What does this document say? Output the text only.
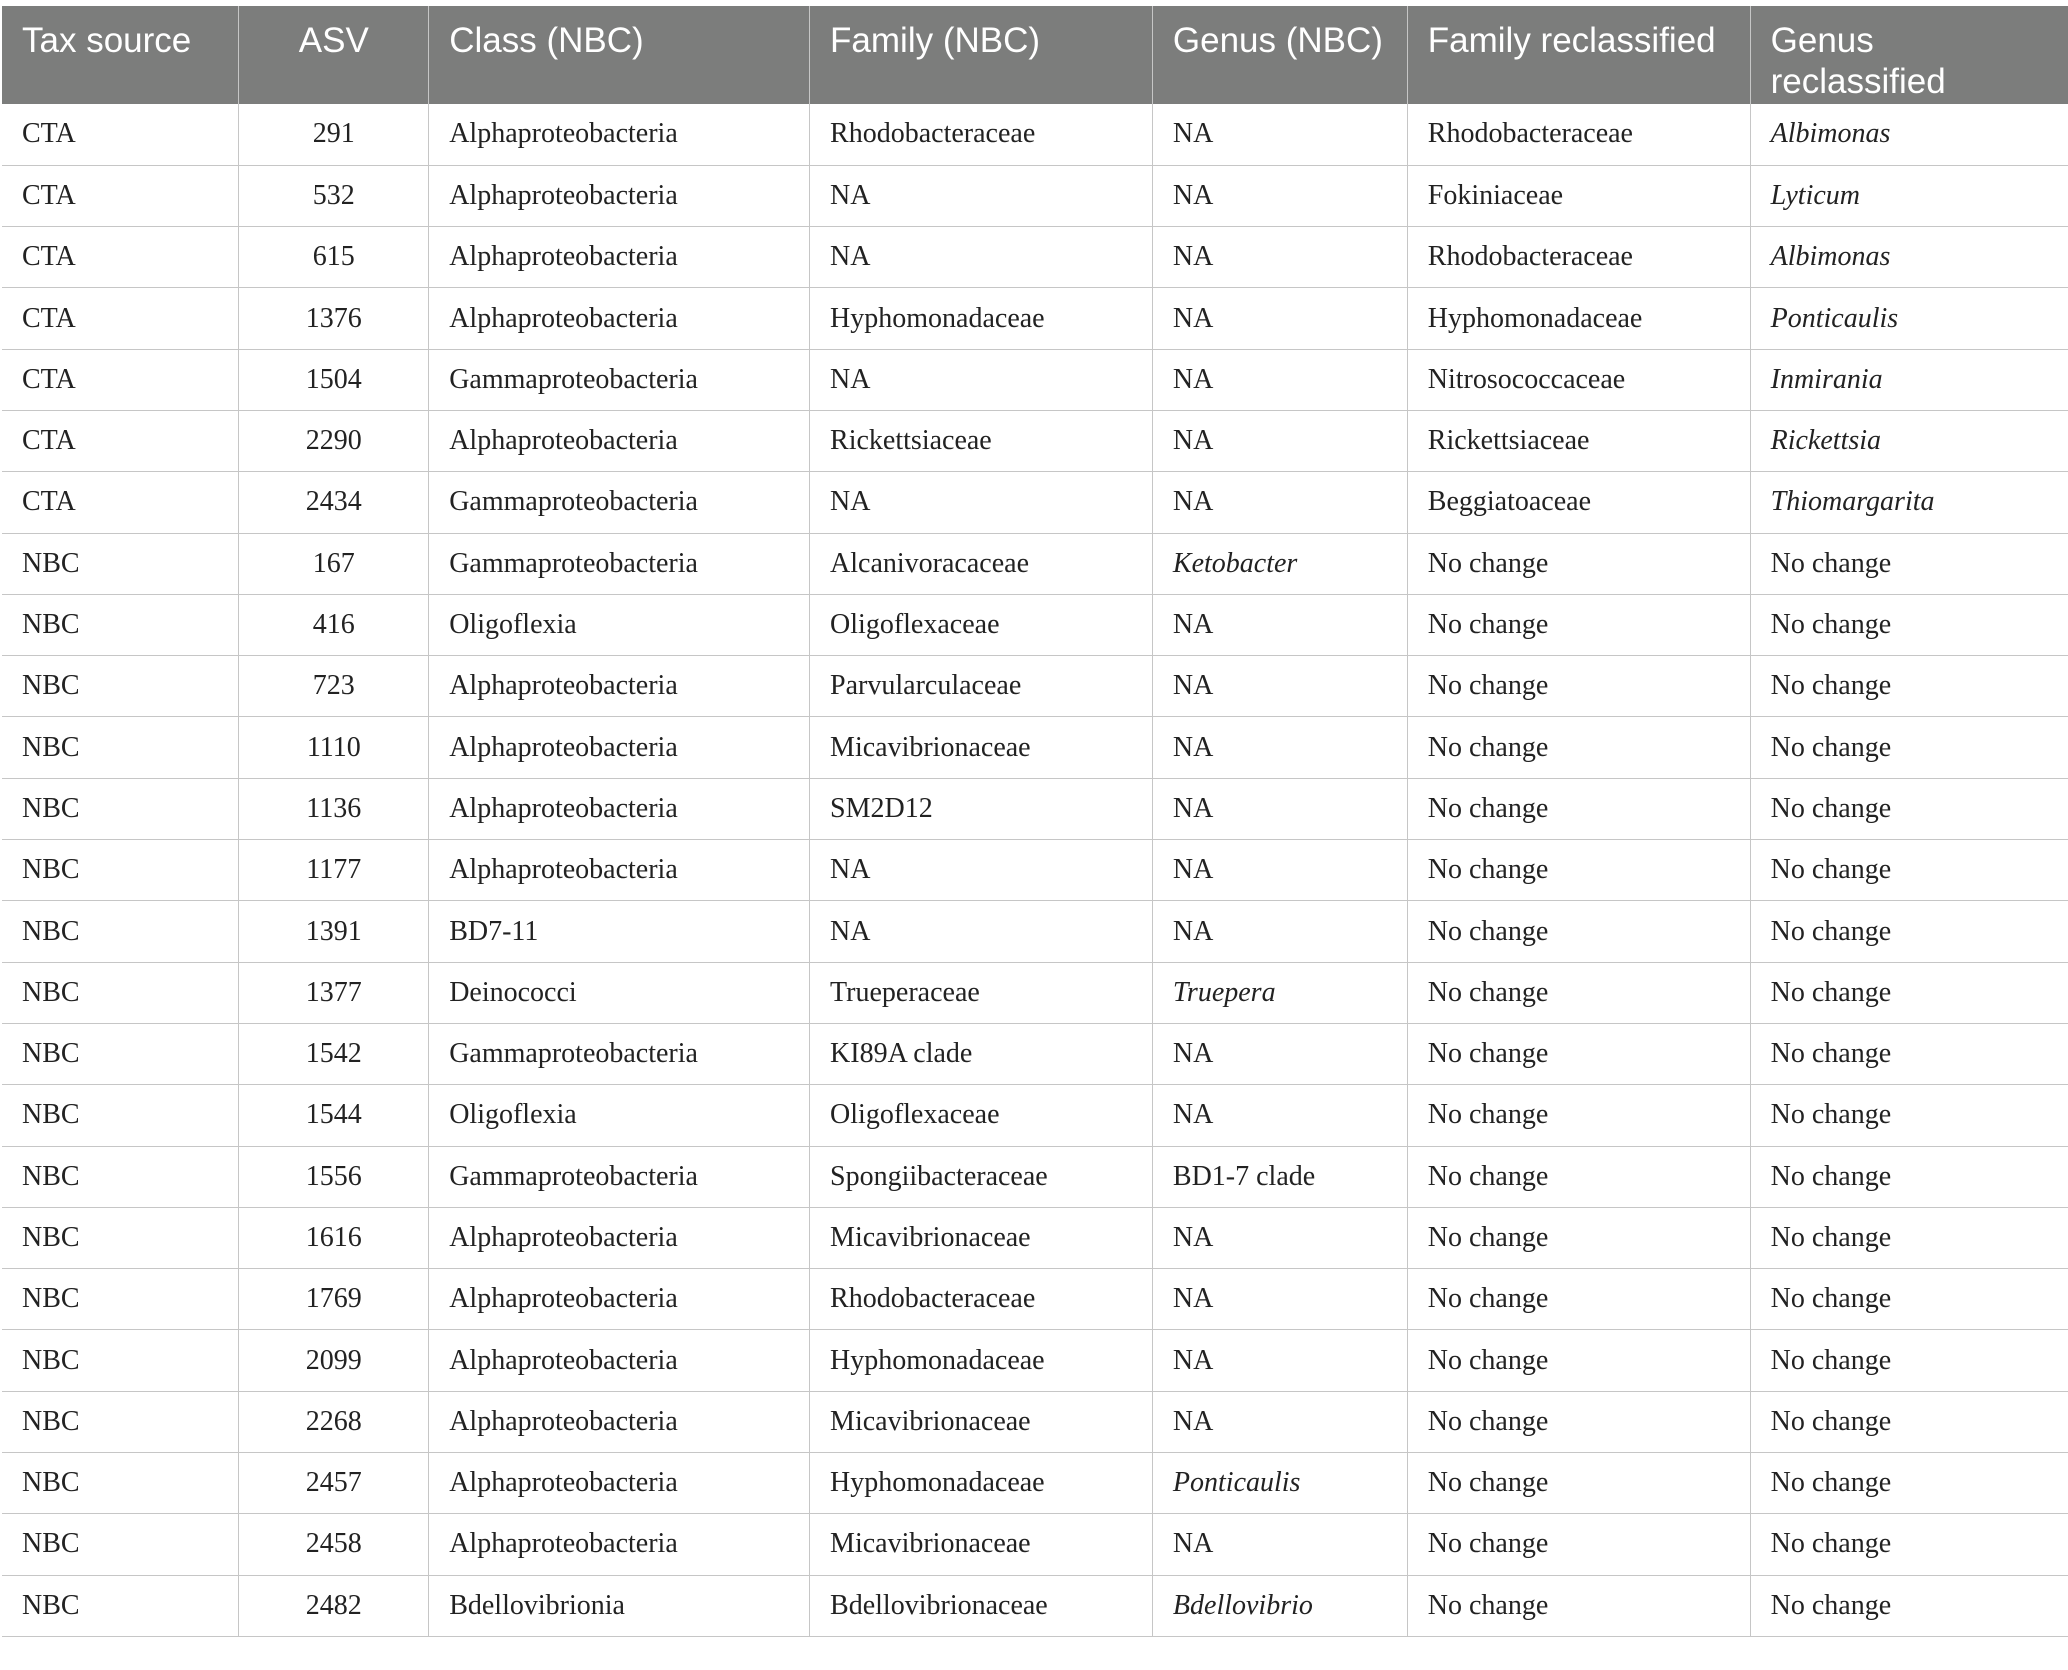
Tax source	ASV	Class (NBC)	Family (NBC)	Genus (NBC)	Family reclassified	Genus reclassified
CTA	291	Alphaproteobacteria	Rhodobacteraceae	NA	Rhodobacteraceae	Albimonas
CTA	532	Alphaproteobacteria	NA	NA	Fokiniaceae	Lyticum
CTA	615	Alphaproteobacteria	NA	NA	Rhodobacteraceae	Albimonas
CTA	1376	Alphaproteobacteria	Hyphomonadaceae	NA	Hyphomonadaceae	Ponticaulis
CTA	1504	Gammaproteobacteria	NA	NA	Nitrosococcaceae	Inmirania
CTA	2290	Alphaproteobacteria	Rickettsiaceae	NA	Rickettsiaceae	Rickettsia
CTA	2434	Gammaproteobacteria	NA	NA	Beggiatoaceae	Thiomargarita
NBC	167	Gammaproteobacteria	Alcanivoracaceae	Ketobacter	No change	No change
NBC	416	Oligoflexia	Oligoflexaceae	NA	No change	No change
NBC	723	Alphaproteobacteria	Parvularculaceae	NA	No change	No change
NBC	1110	Alphaproteobacteria	Micavibrionaceae	NA	No change	No change
NBC	1136	Alphaproteobacteria	SM2D12	NA	No change	No change
NBC	1177	Alphaproteobacteria	NA	NA	No change	No change
NBC	1391	BD7-11	NA	NA	No change	No change
NBC	1377	Deinococci	Trueperaceae	Truepera	No change	No change
NBC	1542	Gammaproteobacteria	KI89A clade	NA	No change	No change
NBC	1544	Oligoflexia	Oligoflexaceae	NA	No change	No change
NBC	1556	Gammaproteobacteria	Spongiibacteraceae	BD1-7 clade	No change	No change
NBC	1616	Alphaproteobacteria	Micavibrionaceae	NA	No change	No change
NBC	1769	Alphaproteobacteria	Rhodobacteraceae	NA	No change	No change
NBC	2099	Alphaproteobacteria	Hyphomonadaceae	NA	No change	No change
NBC	2268	Alphaproteobacteria	Micavibrionaceae	NA	No change	No change
NBC	2457	Alphaproteobacteria	Hyphomonadaceae	Ponticaulis	No change	No change
NBC	2458	Alphaproteobacteria	Micavibrionaceae	NA	No change	No change
NBC	2482	Bdellovibrionia	Bdellovibrionaceae	Bdellovibrio	No change	No change
